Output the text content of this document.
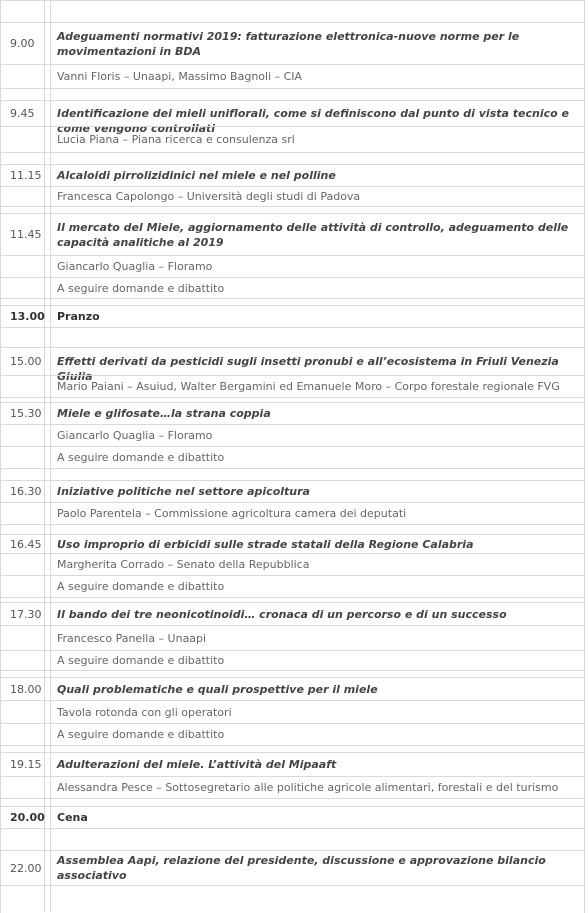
Adeguamenti normativi 2019: fatturazione elettronica-nuove norme per le movimentazioni in BDA
9.00
Vanni Floris – Unaapi, Massimo Bagnoli – CIA
Identificazione dei mieli uniflorali, come si definiscono dal punto di vista tecnico e come vengono controllati
9.45
Lucia Piana – Piana ricerca e consulenza srl
Alcaloidi pirrolizidinici nel miele e nel polline
11.15
Francesca Capolongo – Università degli studi di Padova
Il mercato del Miele, aggiornamento delle attività di controllo, adeguamento delle capacità analitiche al 2019
11.45
Giancarlo Quaglia – Floramo
A seguire domande e dibattito
Pranzo
13.00
Effetti derivati da pesticidi sugli insetti pronubi e all’ecosistema in Friuli Venezia Giulia
15.00
Mario Paiani – Asuiud, Walter Bergamini ed Emanuele Moro – Corpo forestale regionale FVG
Miele e glifosate…la strana coppia
15.30
Giancarlo Quaglia – Floramo
A seguire domande e dibattito
Iniziative politiche nel settore apicoltura
16.30
Paolo Parentela – Commissione agricoltura camera dei deputati
Uso improprio di erbicidi sulle strade statali della Regione Calabria
16.45
Margherita Corrado – Senato della Repubblica
A seguire domande e dibattito
Il bando dei tre neonicotinoidi… cronaca di un percorso e di un successo
17.30
Francesco Panella – Unaapi
A seguire domande e dibattito
Quali problematiche e quali prospettive per il miele
18.00
Tavola rotonda con gli operatori
A seguire domande e dibattito
Adulterazioni del miele. L’attività del Mipaaft
19.15
Alessandra Pesce – Sottosegretario alle politiche agricole alimentari, forestali e del turismo
Cena
20.00
Assemblea Aapi, relazione del presidente, discussione e approvazione bilancio associativo
22.00
